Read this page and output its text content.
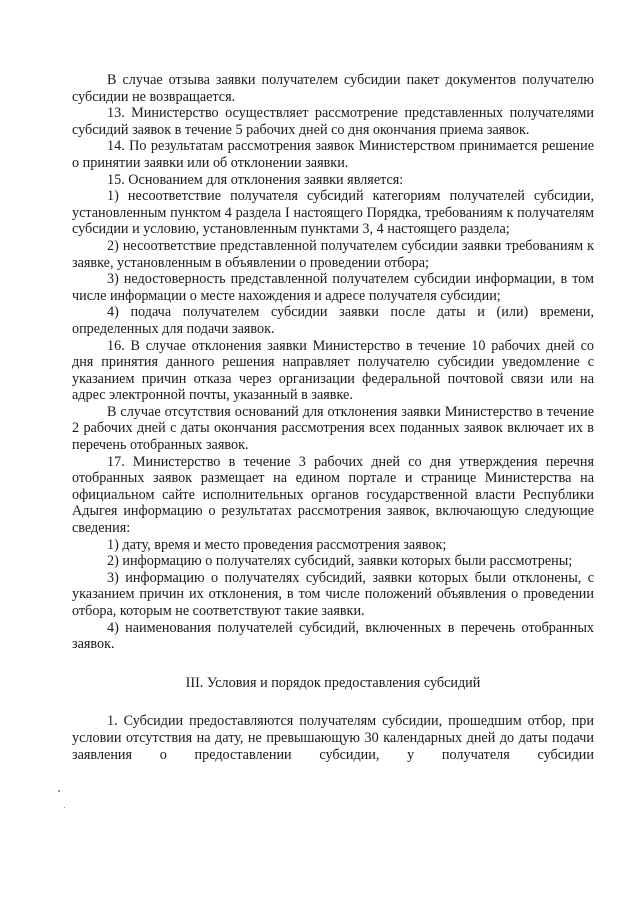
В случае отзыва заявки получателем субсидии пакет документов получателю субсидии не возвращается.

13. Министерство осуществляет рассмотрение представленных получателями субсидий заявок в течение 5 рабочих дней со дня окончания приема заявок.

14. По результатам рассмотрения заявок Министерством принимается решение о принятии заявки или об отклонении заявки.

15. Основанием для отклонения заявки является:

1) несоответствие получателя субсидий категориям получателей субсидии, установленным пунктом 4 раздела I настоящего Порядка, требованиям к получателям субсидии и условию, установленным пунктами 3, 4 настоящего раздела;

2) несоответствие представленной получателем субсидии заявки требованиям к заявке, установленным в объявлении о проведении отбора;

3) недостоверность представленной получателем субсидии информации, в том числе информации о месте нахождения и адресе получателя субсидии;

4) подача получателем субсидии заявки после даты и (или) времени, определенных для подачи заявок.

16. В случае отклонения заявки Министерство в течение 10 рабочих дней со дня принятия данного решения направляет получателю субсидии уведомление с указанием причин отказа через организации федеральной почтовой связи или на адрес электронной почты, указанный в заявке.

В случае отсутствия оснований для отклонения заявки Министерство в течение 2 рабочих дней с даты окончания рассмотрения всех поданных заявок включает их в перечень отобранных заявок.

17. Министерство в течение 3 рабочих дней со дня утверждения перечня отобранных заявок размещает на едином портале и странице Министерства на официальном сайте исполнительных органов государственной власти Республики Адыгея информацию о результатах рассмотрения заявок, включающую следующие сведения:

1) дату, время и место проведения рассмотрения заявок;

2) информацию о получателях субсидий, заявки которых были рассмотрены;

3) информацию о получателях субсидий, заявки которых были отклонены, с указанием причин их отклонения, в том числе положений объявления о проведении отбора, которым не соответствуют такие заявки.

4) наименования получателей субсидий, включенных в перечень отобранных заявок.

III. Условия и порядок предоставления субсидий

1. Субсидии предоставляются получателям субсидии, прошедшим отбор, при условии отсутствия на дату, не превышающую 30 календарных дней до даты подачи заявления о предоставлении субсидии, у получателя субсидии
